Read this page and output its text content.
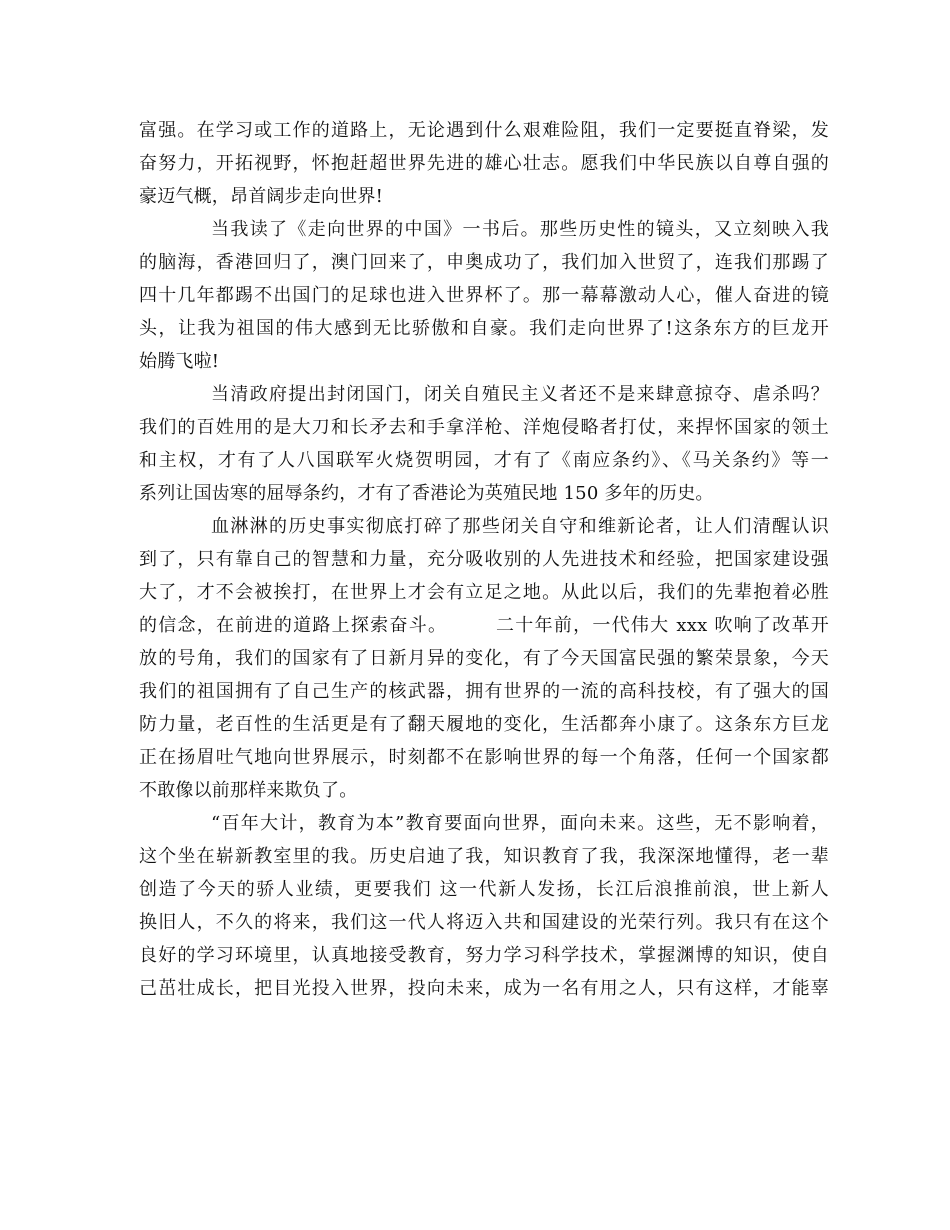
富强。在学习或工作的道路上，无论遇到什么艰难险阻，我们一定要挺直脊梁，发
奋努力，开拓视野，怀抱赶超世界先进的雄心壮志。愿我们中华民族以自尊自强的
豪迈气概，昂首阔步走向世界!
当我读了《走向世界的中国》一书后。那些历史性的镜头，又立刻映入我
的脑海，香港回归了，澳门回来了，申奥成功了，我们加入世贸了，连我们那踢了
四十几年都踢不出国门的足球也进入世界杯了。那一幕幕激动人心，催人奋进的镜
头，让我为祖国的伟大感到无比骄傲和自豪。我们走向世界了!这条东方的巨龙开
始腾飞啦!
当清政府提出封闭国门，闭关自殖民主义者还不是来肆意掠夺、虐杀吗？
我们的百姓用的是大刀和长矛去和手拿洋枪、洋炮侵略者打仗，来捍怀国家的领土
和主权，才有了人八国联军火烧贺明园，才有了《南应条约》、《马关条约》等一
系列让国齿寒的屈辱条约，才有了香港论为英殖民地 150 多年的历史。
血淋淋的历史事实彻底打碎了那些闭关自守和维新论者，让人们清醒认识
到了，只有靠自己的智慧和力量，充分吸收别的人先进技术和经验，把国家建设强
大了，才不会被挨打，在世界上才会有立足之地。从此以后，我们的先辈抱着必胜
的信念，在前进的道路上探索奋斗。　　　二十年前，一代伟大 xxx 吹响了改革开
放的号角，我们的国家有了日新月异的变化，有了今天国富民强的繁荣景象，今天
我们的祖国拥有了自己生产的核武器，拥有世界的一流的高科技校，有了强大的国
防力量，老百性的生活更是有了翻天履地的变化，生活都奔小康了。这条东方巨龙
正在扬眉吐气地向世界展示，时刻都不在影响世界的每一个角落，任何一个国家都
不敢像以前那样来欺负了。
“百年大计，教育为本”教育要面向世界，面向未来。这些，无不影响着，
这个坐在崭新教室里的我。历史启迪了我，知识教育了我，我深深地懂得，老一辈
创造了今天的骄人业绩，更要我们 这一代新人发扬，长江后浪推前浪，世上新人
换旧人，不久的将来，我们这一代人将迈入共和国建设的光荣行列。我只有在这个
良好的学习环境里，认真地接受教育，努力学习科学技术，掌握渊博的知识，使自
己茁壮成长，把目光投入世界，投向未来，成为一名有用之人，只有这样，才能辜
